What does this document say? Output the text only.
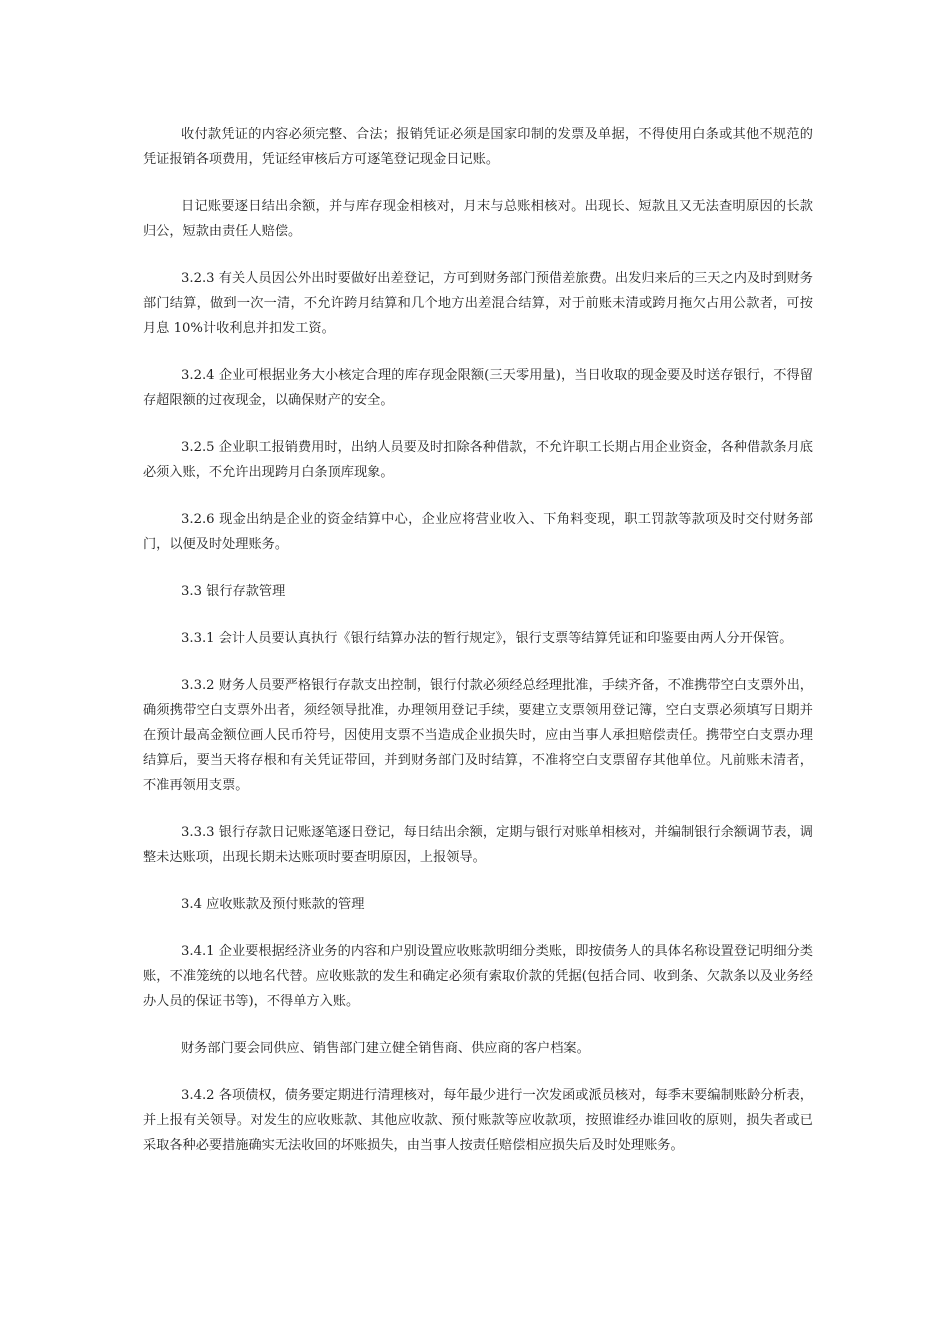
收付款凭证的内容必须完整、合法；报销凭证必须是国家印制的发票及单据，不得使用白条或其他不规范的凭证报销各项费用，凭证经审核后方可逐笔登记现金日记账。

日记账要逐日结出余额，并与库存现金相核对，月末与总账相核对。出现长、短款且又无法查明原因的长款归公，短款由责任人赔偿。

3.2.3 有关人员因公外出时要做好出差登记，方可到财务部门预借差旅费。出发归来后的三天之内及时到财务部门结算，做到一次一清，不允许跨月结算和几个地方出差混合结算，对于前账未清或跨月拖欠占用公款者，可按月息 10%计收利息并扣发工资。

3.2.4 企业可根据业务大小核定合理的库存现金限额(三天零用量)，当日收取的现金要及时送存银行，不得留存超限额的过夜现金，以确保财产的安全。

3.2.5 企业职工报销费用时，出纳人员要及时扣除各种借款，不允许职工长期占用企业资金，各种借款条月底必须入账，不允许出现跨月白条顶库现象。

3.2.6 现金出纳是企业的资金结算中心，企业应将营业收入、下角料变现，职工罚款等款项及时交付财务部门，以便及时处理账务。

3.3 银行存款管理

3.3.1 会计人员要认真执行《银行结算办法的暂行规定》，银行支票等结算凭证和印鉴要由两人分开保管。

3.3.2 财务人员要严格银行存款支出控制，银行付款必须经总经理批准，手续齐备，不准携带空白支票外出，确须携带空白支票外出者，须经领导批准，办理领用登记手续，要建立支票领用登记簿，空白支票必须填写日期并在预计最高金额位画人民币符号，因使用支票不当造成企业损失时，应由当事人承担赔偿责任。携带空白支票办理结算后，要当天将存根和有关凭证带回，并到财务部门及时结算，不准将空白支票留存其他单位。凡前账未清者，不准再领用支票。

3.3.3 银行存款日记账逐笔逐日登记，每日结出余额，定期与银行对账单相核对，并编制银行余额调节表，调整未达账项，出现长期未达账项时要查明原因，上报领导。

3.4 应收账款及预付账款的管理

3.4.1 企业要根据经济业务的内容和户别设置应收账款明细分类账，即按债务人的具体名称设置登记明细分类账，不准笼统的以地名代替。应收账款的发生和确定必须有索取价款的凭据(包括合同、收到条、欠款条以及业务经办人员的保证书等)，不得单方入账。

财务部门要会同供应、销售部门建立健全销售商、供应商的客户档案。

3.4.2 各项债权，债务要定期进行清理核对，每年最少进行一次发函或派员核对，每季末要编制账龄分析表，并上报有关领导。对发生的应收账款、其他应收款、预付账款等应收款项，按照谁经办谁回收的原则，损失者或已采取各种必要措施确实无法收回的坏账损失，由当事人按责任赔偿相应损失后及时处理账务。
